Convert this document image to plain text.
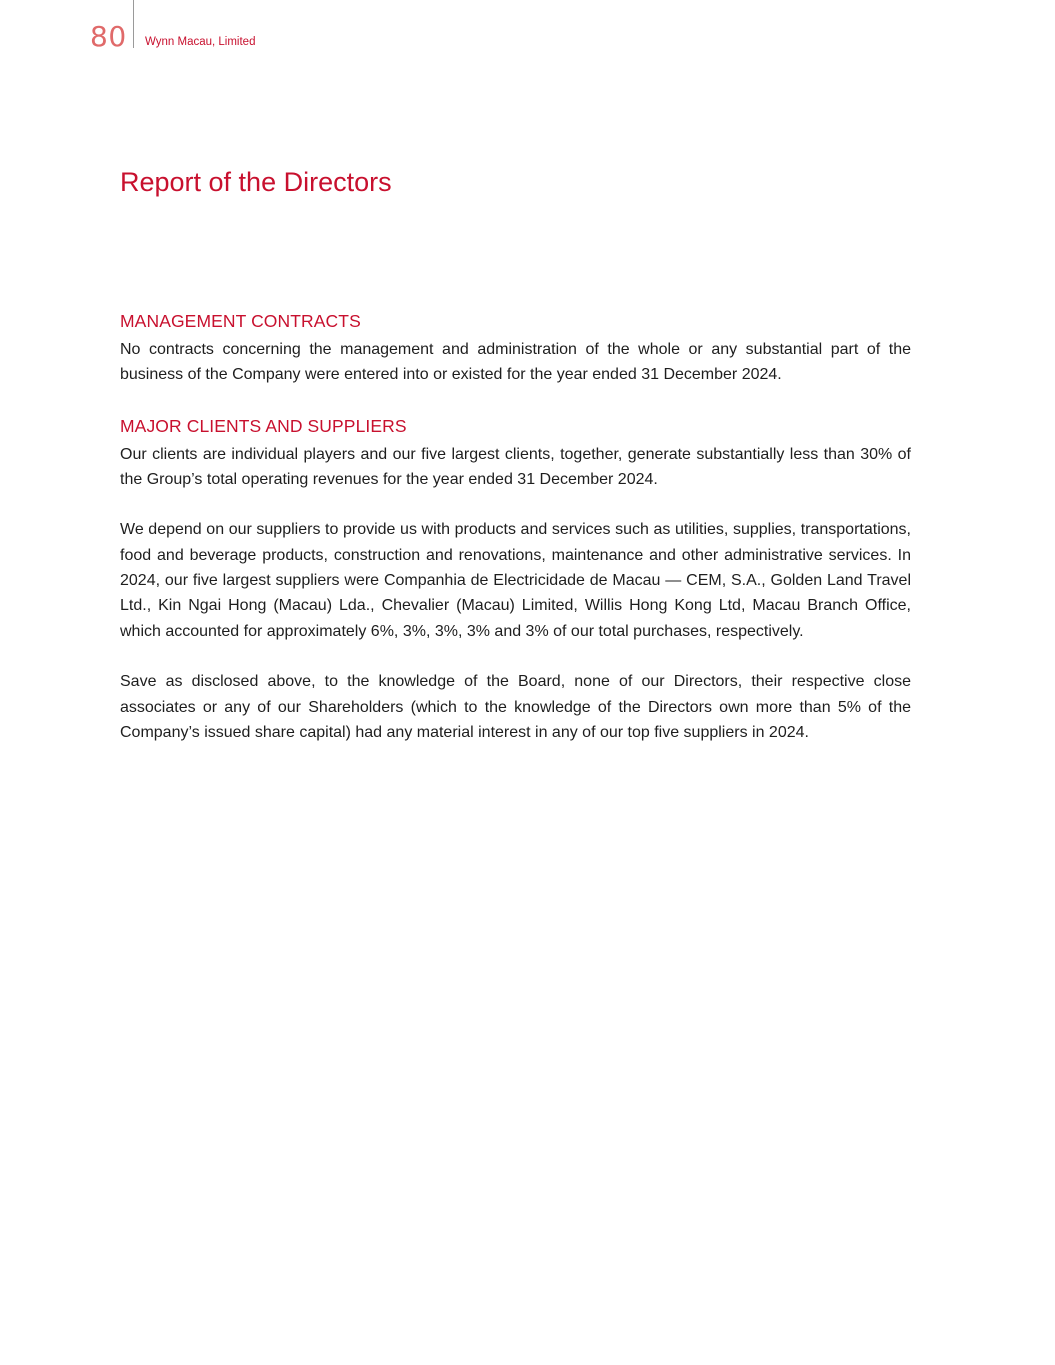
80 Wynn Macau, Limited
Report of the Directors
MANAGEMENT CONTRACTS

No contracts concerning the management and administration of the whole or any substantial part of the business of the Company were entered into or existed for the year ended 31 December 2024.

MAJOR CLIENTS AND SUPPLIERS

Our clients are individual players and our five largest clients, together, generate substantially less than 30% of the Group’s total operating revenues for the year ended 31 December 2024.

We depend on our suppliers to provide us with products and services such as utilities, supplies, transportations, food and beverage products, construction and renovations, maintenance and other administrative services. In 2024, our five largest suppliers were Companhia de Electricidade de Macau — CEM, S.A., Golden Land Travel Ltd., Kin Ngai Hong (Macau) Lda., Chevalier (Macau) Limited, Willis Hong Kong Ltd, Macau Branch Office, which accounted for approximately 6%, 3%, 3%, 3% and 3% of our total purchases, respectively.

Save as disclosed above, to the knowledge of the Board, none of our Directors, their respective close associates or any of our Shareholders (which to the knowledge of the Directors own more than 5% of the Company’s issued share capital) had any material interest in any of our top five suppliers in 2024.
